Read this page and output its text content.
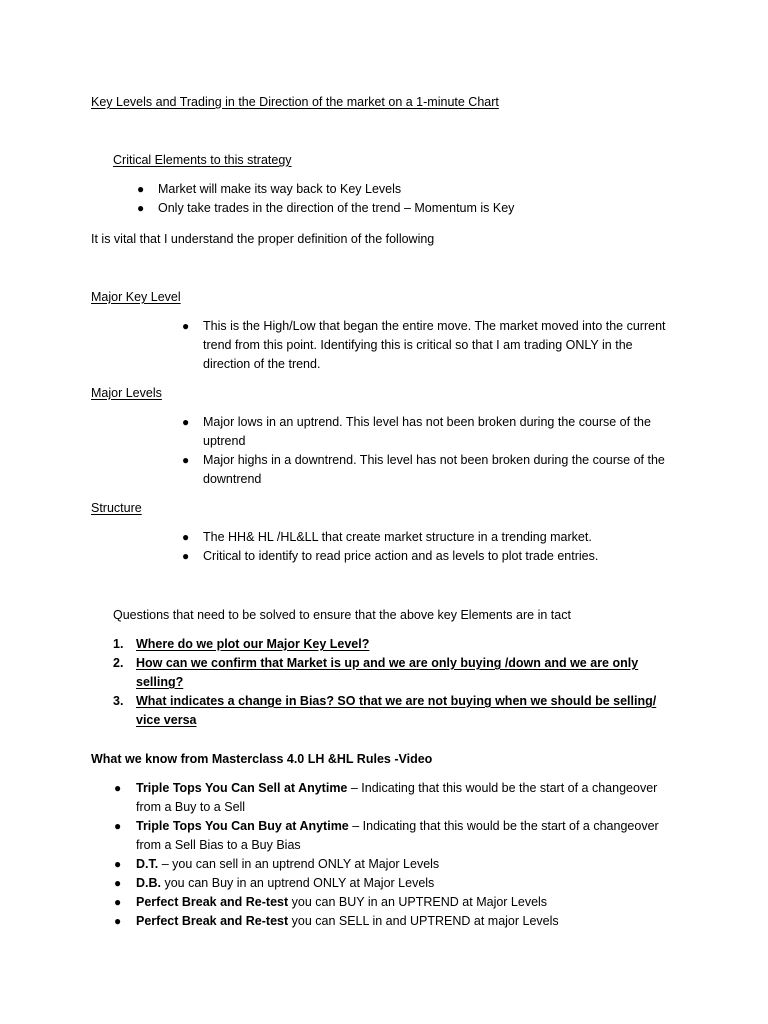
Key Levels and Trading in the Direction of the market on a 1-minute Chart
Critical Elements to this strategy
●	Market will make its way back to Key Levels
●	Only take trades in the direction of the trend – Momentum is Key
It is vital that I understand the proper definition of the following
Major Key Level
●	This is the High/Low that began the entire move. The market moved into the current trend from this point. Identifying this is critical so that I am trading ONLY in the direction of the trend.
Major Levels
●	Major lows in an uptrend. This level has not been broken during the course of the uptrend
●	Major highs in a downtrend. This level has not been broken during the course of the downtrend
Structure
●	The HH& HL /HL&LL that create market structure in a trending market.
●	Critical to identify to read price action and as levels to plot trade entries.
Questions that need to be solved to ensure that the above key Elements are in tact
1.	Where do we plot our Major Key Level?
2.	How can we confirm that Market is up and we are only buying /down and we are only selling?
3.	What indicates a change in Bias? SO that we are not buying when we should be selling/ vice versa
What we know from Masterclass 4.0 LH &HL Rules -Video
●	Triple Tops You Can Sell at Anytime – Indicating that this would be the start of a changeover from a Buy to a Sell
●	Triple Tops You Can Buy at Anytime – Indicating that this would be the start of a changeover from a Sell Bias to a Buy Bias
●	D.T. – you can sell in an uptrend ONLY at Major Levels
●	D.B. you can Buy in an uptrend ONLY at Major Levels
●	Perfect Break and Re-test you can BUY in an UPTREND at Major Levels
●	Perfect Break and Re-test you can SELL in and UPTREND at major Levels
